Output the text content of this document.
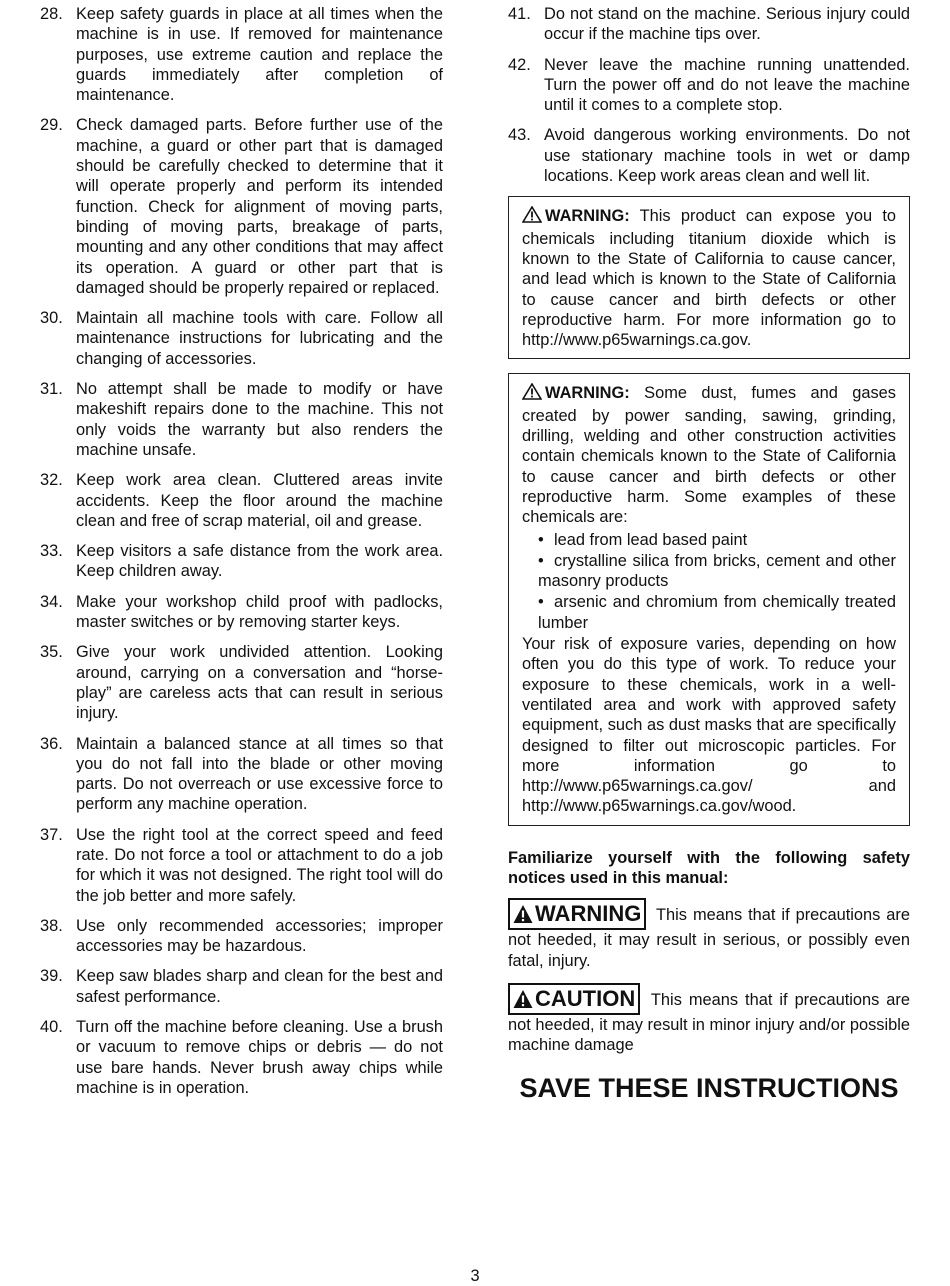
28. Keep safety guards in place at all times when the machine is in use. If removed for maintenance purposes, use extreme caution and replace the guards immediately after completion of maintenance.
29. Check damaged parts. Before further use of the machine, a guard or other part that is damaged should be carefully checked to determine that it will operate properly and perform its intended function. Check for alignment of moving parts, binding of moving parts, breakage of parts, mounting and any other conditions that may affect its operation. A guard or other part that is damaged should be properly repaired or replaced.
30. Maintain all machine tools with care. Follow all maintenance instructions for lubricating and the changing of accessories.
31. No attempt shall be made to modify or have makeshift repairs done to the machine. This not only voids the warranty but also renders the machine unsafe.
32. Keep work area clean. Cluttered areas invite accidents. Keep the floor around the machine clean and free of scrap material, oil and grease.
33. Keep visitors a safe distance from the work area. Keep children away.
34. Make your workshop child proof with padlocks, master switches or by removing starter keys.
35. Give your work undivided attention. Looking around, carrying on a conversation and “horse-play” are careless acts that can result in serious injury.
36. Maintain a balanced stance at all times so that you do not fall into the blade or other moving parts. Do not overreach or use excessive force to perform any machine operation.
37. Use the right tool at the correct speed and feed rate. Do not force a tool or attachment to do a job for which it was not designed. The right tool will do the job better and more safely.
38. Use only recommended accessories; improper accessories may be hazardous.
39. Keep saw blades sharp and clean for the best and safest performance.
40. Turn off the machine before cleaning. Use a brush or vacuum to remove chips or debris — do not use bare hands. Never brush away chips while machine is in operation.
41. Do not stand on the machine. Serious injury could occur if the machine tips over.
42. Never leave the machine running unattended. Turn the power off and do not leave the machine until it comes to a complete stop.
43. Avoid dangerous working environments. Do not use stationary machine tools in wet or damp locations. Keep work areas clean and well lit.
WARNING: This product can expose you to chemicals including titanium dioxide which is known to the State of California to cause cancer, and lead which is known to the State of California to cause cancer and birth defects or other reproductive harm. For more information go to http://www.p65warnings.ca.gov.
WARNING: Some dust, fumes and gases created by power sanding, sawing, grinding, drilling, welding and other construction activities contain chemicals known to the State of California to cause cancer and birth defects or other reproductive harm. Some examples of these chemicals are:
• lead from lead based paint
• crystalline silica from bricks, cement and other masonry products
• arsenic and chromium from chemically treated lumber
Your risk of exposure varies, depending on how often you do this type of work. To reduce your exposure to these chemicals, work in a well-ventilated area and work with approved safety equipment, such as dust masks that are specifically designed to filter out microscopic particles. For more information go to http://www.p65warnings.ca.gov/ and http://www.p65warnings.ca.gov/wood.
Familiarize yourself with the following safety notices used in this manual:
WARNING This means that if precautions are not heeded, it may result in serious, or possibly even fatal, injury.
CAUTION This means that if precautions are not heeded, it may result in minor injury and/or possible machine damage
SAVE THESE INSTRUCTIONS
3
